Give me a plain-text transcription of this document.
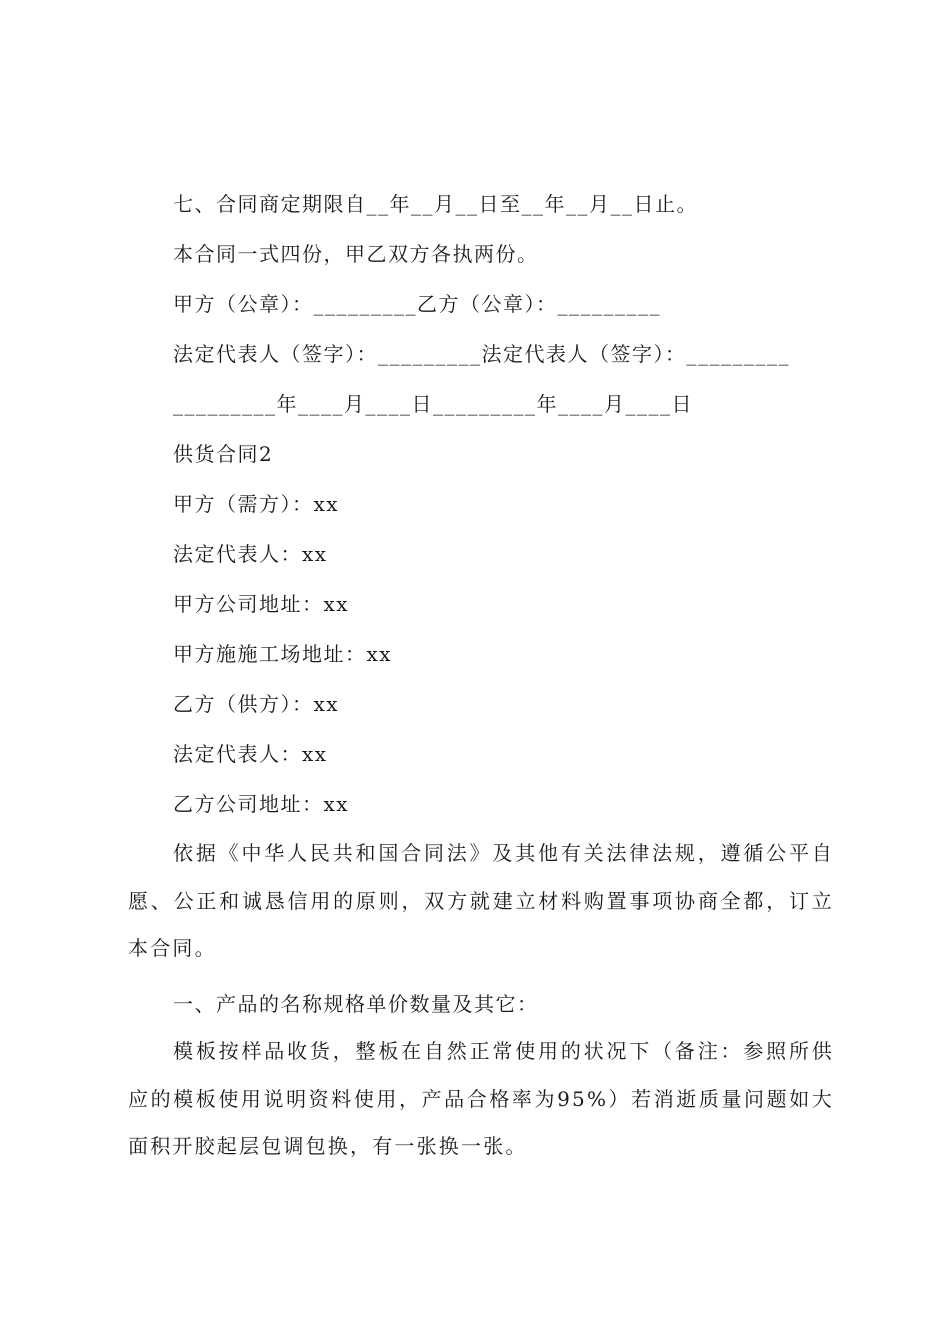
七、合同商定期限自__年__月__日至__年__月__日止。
本合同一式四份，甲乙双方各执两份。
甲方（公章）：_________乙方（公章）：_________
法定代表人（签字）：_________法定代表人（签字）：_________
_________年____月____日_________年____月____日
供货合同2
甲方（需方）：xx
法定代表人：xx
甲方公司地址：xx
甲方施施工场地址：xx
乙方（供方）：xx
法定代表人：xx
乙方公司地址：xx

依据《中华人民共和国合同法》及其他有关法律法规，遵循公平自愿、公正和诚恳信用的原则，双方就建立材料购置事项协商全都，订立本合同。

一、产品的名称规格单价数量及其它：

模板按样品收货，整板在自然正常使用的状况下（备注：参照所供应的模板使用说明资料使用，产品合格率为95%）若消逝质量问题如大面积开胶起层包调包换，有一张换一张。
